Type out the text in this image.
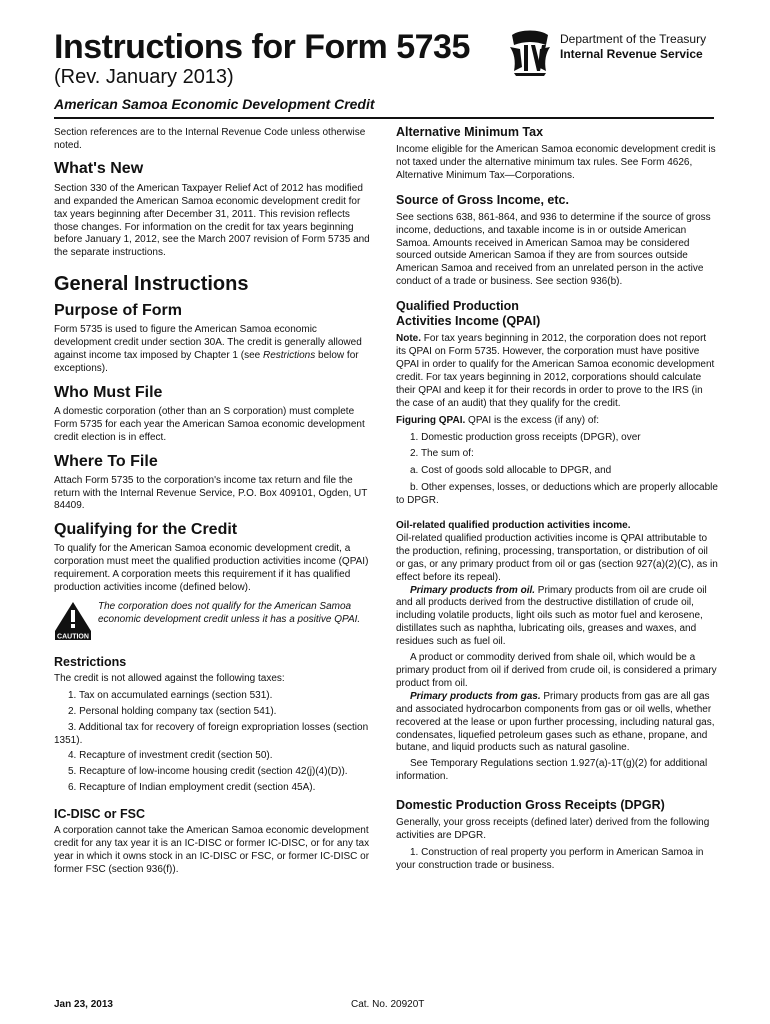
Instructions for Form 5735
(Rev. January 2013)
Department of the Treasury
Internal Revenue Service
American Samoa Economic Development Credit

Section references are to the Internal Revenue Code unless otherwise noted.

What's New

Section 330 of the American Taxpayer Relief Act of 2012 has modified and expanded the American Samoa economic development credit for tax years beginning after December 31, 2011. This revision reflects those changes. For information on the credit for tax years beginning before January 1, 2012, see the March 2007 revision of Form 5735 and the separate instructions.

General Instructions
Purpose of Form

Form 5735 is used to figure the American Samoa economic development credit under section 30A. The credit is generally allowed against income tax imposed by Chapter 1 (see Restrictions below for exceptions).

Who Must File

A domestic corporation (other than an S corporation) must complete Form 5735 for each year the American Samoa economic development credit election is in effect.

Where To File

Attach Form 5735 to the corporation's income tax return and file the return with the Internal Revenue Service, P.O. Box 409101, Ogden, UT 84409.

Qualifying for the Credit

To qualify for the American Samoa economic development credit, a corporation must meet the qualified production activities income (QPAI) requirement. A corporation meets this requirement if it has qualified production activities income (defined below).

CAUTION

The corporation does not qualify for the American Samoa economic development credit unless it has a positive QPAI.

Restrictions

The credit is not allowed against the following taxes:

1. Tax on accumulated earnings (section 531).

2. Personal holding company tax (section 541).

3. Additional tax for recovery of foreign expropriation losses (section 1351).

4. Recapture of investment credit (section 50).

5. Recapture of low-income housing credit (section 42(j)(4)(D)).

6. Recapture of Indian employment credit (section 45A).

IC-DISC or FSC

A corporation cannot take the American Samoa economic development credit for any tax year it is an IC-DISC or former IC-DISC, or for any tax year in which it owns stock in an IC-DISC or FSC, or former IC-DISC or former FSC (section 936(f)).

Alternative Minimum Tax

Income eligible for the American Samoa economic development credit is not taxed under the alternative minimum tax rules. See Form 4626, Alternative Minimum Tax—Corporations.

Source of Gross Income, etc.

See sections 638, 861-864, and 936 to determine if the source of gross income, deductions, and taxable income is in or outside American Samoa. Amounts received in American Samoa may be considered sourced outside American Samoa if they are from sources outside American Samoa and received from an unrelated person in the active conduct of a trade or business. See section 936(b).

Qualified Production
Activities Income (QPAI)

Note. For tax years beginning in 2012, the corporation does not report its QPAI on Form 5735. However, the corporation must have positive QPAI in order to qualify for the American Samoa economic development credit. For tax years beginning in 2012, corporations should calculate their QPAI and keep it for their records in order to prove to the IRS (in the case of an audit) that they qualify for the credit.

Figuring QPAI. QPAI is the excess (if any) of:

1. Domestic production gross receipts (DPGR), over

2. The sum of:

a. Cost of goods sold allocable to DPGR, and

b. Other expenses, losses, or deductions which are properly allocable to DPGR.

Oil-related qualified production activities income.

Oil-related qualified production activities income is QPAI attributable to the production, refining, processing, transportation, or distribution of oil or gas, or any primary product from oil or gas (section 927(a)(2)(C), as in effect before its repeal).

Primary products from oil. Primary products from oil are crude oil and all products derived from the destructive distillation of crude oil, including volatile products, light oils such as motor fuel and kerosene, distillates such as naphtha, lubricating oils, greases and waxes, and residues such as fuel oil.

A product or commodity derived from shale oil, which would be a primary product from oil if derived from crude oil, is considered a primary product from oil.

Primary products from gas. Primary products from gas are all gas and associated hydrocarbon components from gas or oil wells, whether recovered at the lease or upon further processing, including natural gas, condensates, liquefied petroleum gases such as ethane, propane, and butane, and liquid products such as natural gasoline.

See Temporary Regulations section 1.927(a)-1T(g)(2) for additional information.

Domestic Production Gross Receipts (DPGR)

Generally, your gross receipts (defined later) derived from the following activities are DPGR.

1. Construction of real property you perform in American Samoa in your construction trade or business.

Jan 23, 2013	Cat. No. 20920T
